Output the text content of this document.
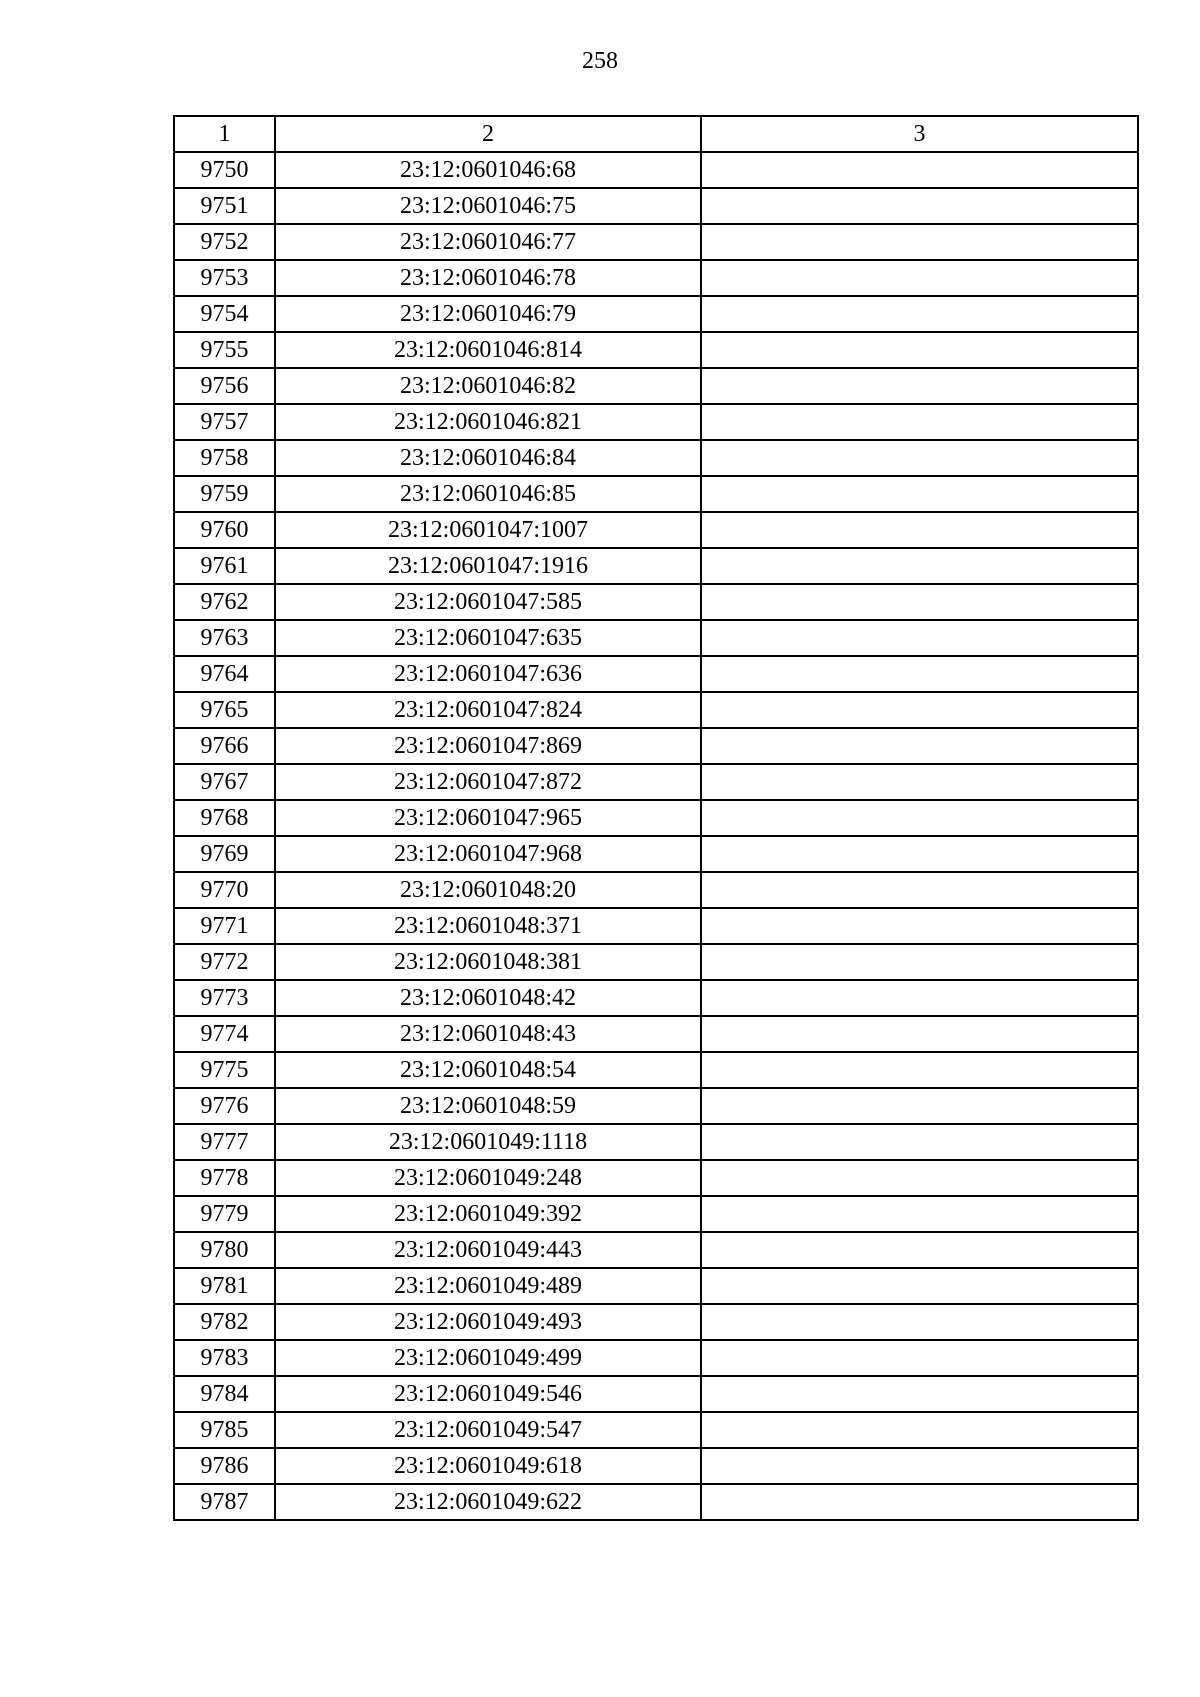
258
1	2	3
9750	23:12:0601046:68	
9751	23:12:0601046:75	
9752	23:12:0601046:77	
9753	23:12:0601046:78	
9754	23:12:0601046:79	
9755	23:12:0601046:814	
9756	23:12:0601046:82	
9757	23:12:0601046:821	
9758	23:12:0601046:84	
9759	23:12:0601046:85	
9760	23:12:0601047:1007	
9761	23:12:0601047:1916	
9762	23:12:0601047:585	
9763	23:12:0601047:635	
9764	23:12:0601047:636	
9765	23:12:0601047:824	
9766	23:12:0601047:869	
9767	23:12:0601047:872	
9768	23:12:0601047:965	
9769	23:12:0601047:968	
9770	23:12:0601048:20	
9771	23:12:0601048:371	
9772	23:12:0601048:381	
9773	23:12:0601048:42	
9774	23:12:0601048:43	
9775	23:12:0601048:54	
9776	23:12:0601048:59	
9777	23:12:0601049:1118	
9778	23:12:0601049:248	
9779	23:12:0601049:392	
9780	23:12:0601049:443	
9781	23:12:0601049:489	
9782	23:12:0601049:493	
9783	23:12:0601049:499	
9784	23:12:0601049:546	
9785	23:12:0601049:547	
9786	23:12:0601049:618	
9787	23:12:0601049:622	
